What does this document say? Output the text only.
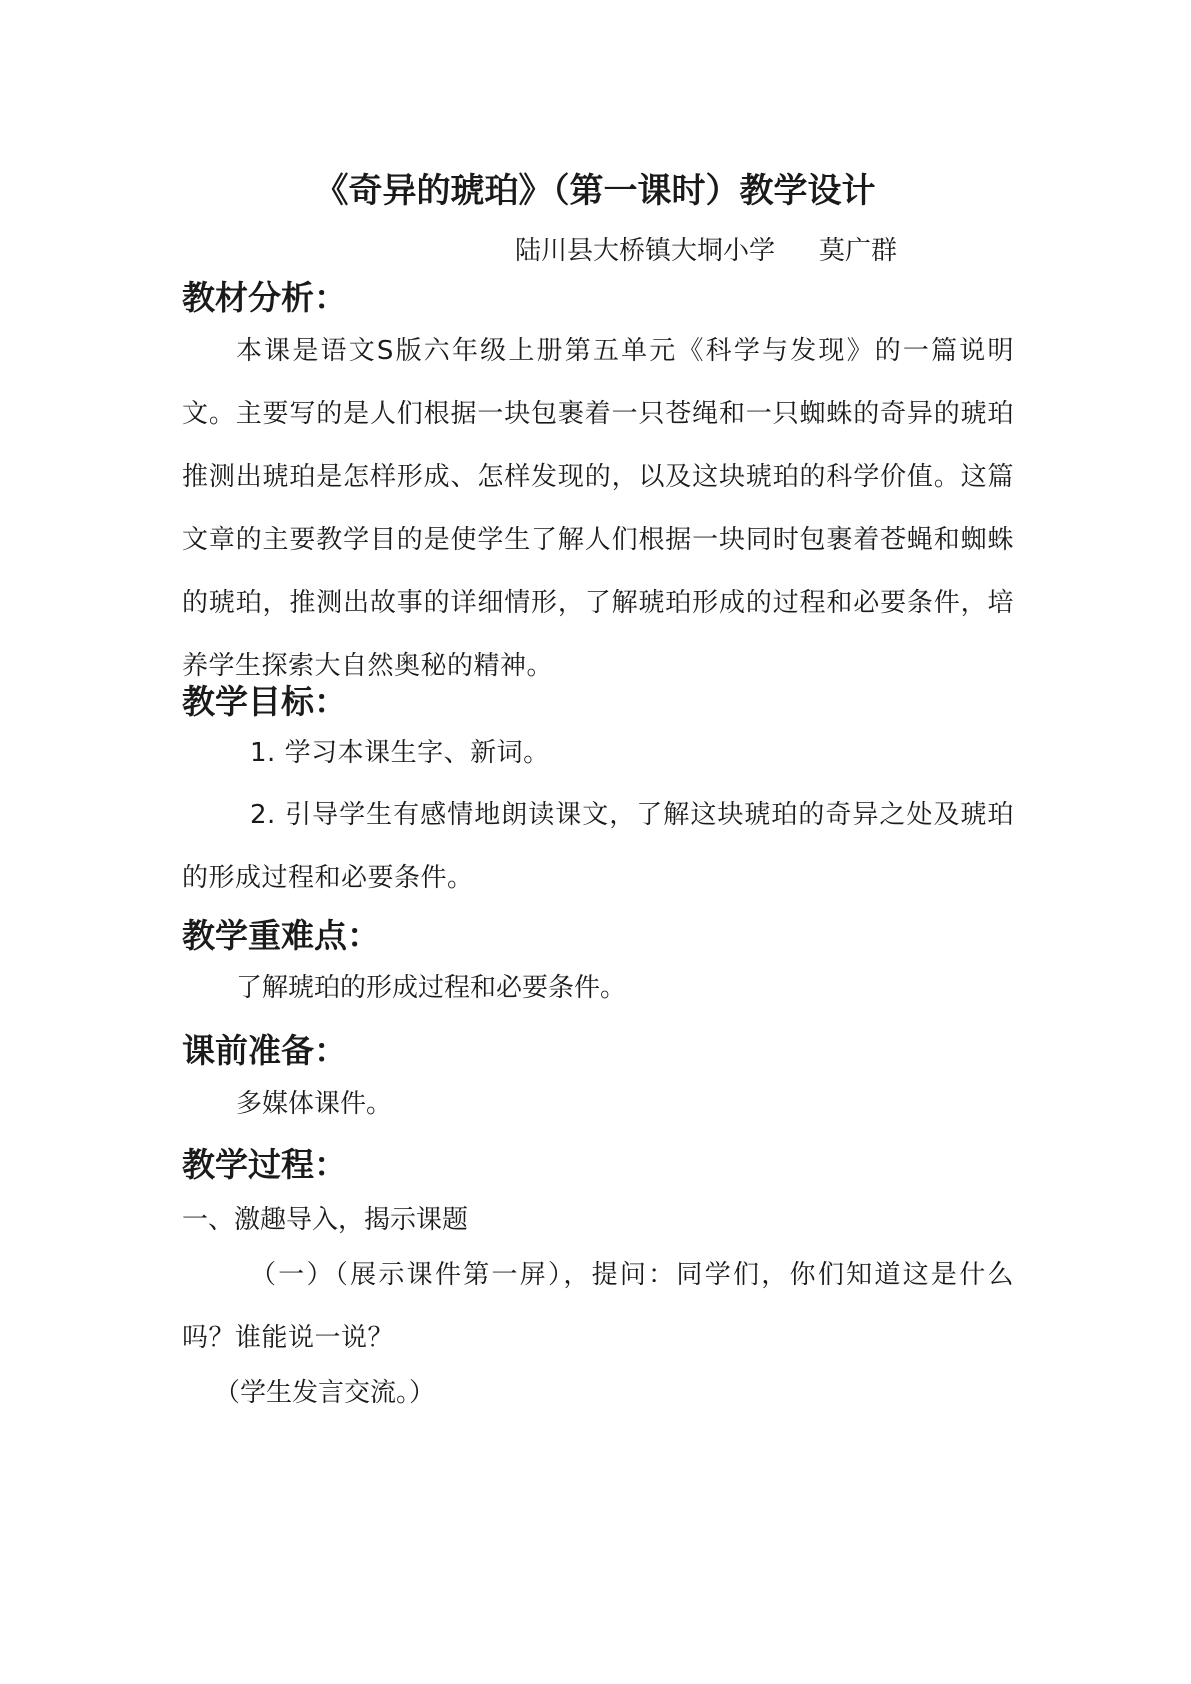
《奇异的琥珀》（第一课时）教学设计
陆川县大桥镇大垌小学 莫广群
教材分析：
本课是语文S版六年级上册第五单元《科学与发现》的一篇说明文。主要写的是人们根据一块包裹着一只苍绳和一只蜘蛛的奇异的琥珀推测出琥珀是怎样形成、怎样发现的，以及这块琥珀的科学价值。这篇文章的主要教学目的是使学生了解人们根据一块同时包裹着苍蝇和蜘蛛的琥珀，推测出故事的详细情形，了解琥珀形成的过程和必要条件，培养学生探索大自然奥秘的精神。
教学目标：
1. 学习本课生字、新词。
2. 引导学生有感情地朗读课文，了解这块琥珀的奇异之处及琥珀的形成过程和必要条件。
教学重难点：
了解琥珀的形成过程和必要条件。
课前准备：
多媒体课件。
教学过程：
一、激趣导入，揭示课题
（一）（展示课件第一屏），提问：同学们，你们知道这是什么吗？谁能说一说？
（学生发言交流。）
